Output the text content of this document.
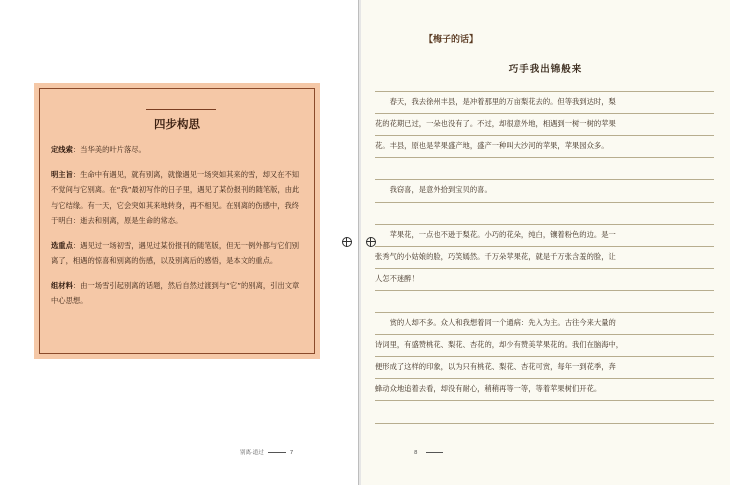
四步构思

定线索：当华美的叶片落尽。

明主旨：生命中有遇见，就有别离，就像遇见一场突如其来的雪，却又在不知不觉间与它别离。在“我”最初写作的日子里，遇见了某份报刊的随笔版，由此与它结缘。有一天，它会突如其来地转身，再不相见。在别离的伤感中，我终于明白：逝去和别离，原是生命的常态。

选重点：遇见过一场初雪，遇见过某份报刊的随笔版，但无一例外都与它们别离了，相遇的惊喜和别离的伤感，以及别离后的感悟，是本文的重点。

组材料：由一场雪引起别离的话题，然后自然过渡到与“它”的别离，引出文章中心思想。

别离·道过	7
【梅子的话】
巧手我出锦般来
　　春天，我去徐州丰县，是冲着那里的万亩梨花去的。但等我到达时，梨
花的花期已过，一朵也没有了。不过，却很意外地，相遇到一树一树的苹果
花。丰县，原也是苹果盛产地，盛产一种叫大沙河的苹果，苹果园众多。
　　我窃喜，是意外拾到宝贝的喜。
　　苹果花，一点也不逊于梨花。小巧的花朵，纯白，镶着粉色的边。是一
张秀气的小姑娘的脸，巧笑嫣然。千万朵苹果花，就是千万张含羞的脸，让
人怎不迷醉！
　　赏的人却不多。众人和我想着同一个通病：先入为主。古往今来大量的
诗词里，有盛赞桃花、梨花、杏花的，却少有赞美苹果花的。我们在脑海中，
便形成了这样的印象，以为只有桃花、梨花、杏花可赏，每年一到花季，奔
蜂动众地追着去看，却没有耐心，稍稍再等一等，等着苹果树们开花。
8
